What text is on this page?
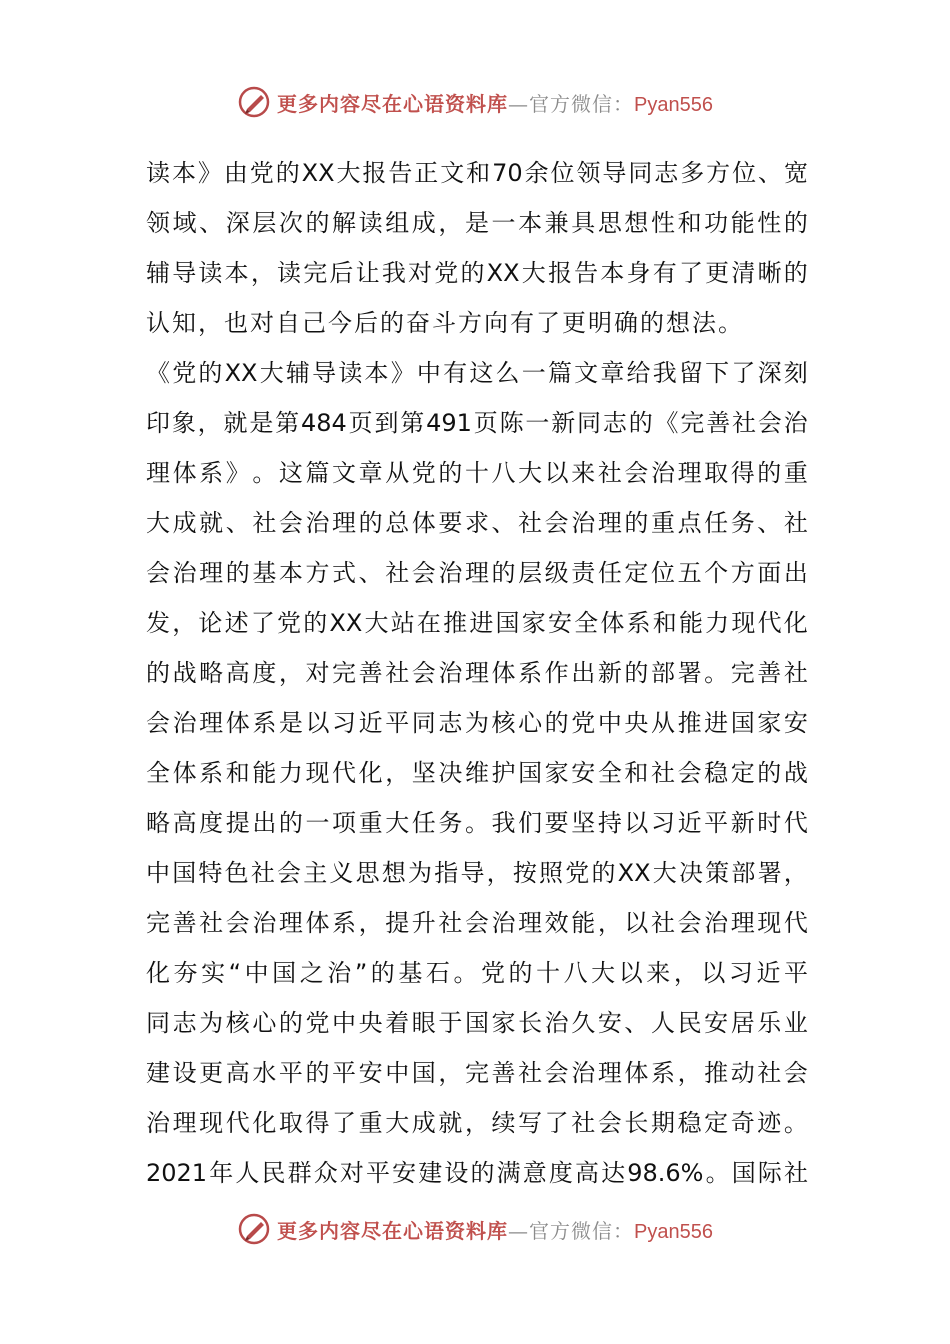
更多内容尽在心语资料库—官方微信：Pyan556
读 本 》 由 党 的 XX 大 报 告 正 文 和 70 余 位 领 导 同 志 多 方 位 、 宽
领 域 、 深 层 次 的 解 读 组 成 ， 是 一 本 兼 具 思 想 性 和 功 能 性 的
辅 导 读 本 ， 读 完 后 让 我 对 党 的 XX 大 报 告 本 身 有 了 更 清 晰 的
认知，也对自己今后的奋斗方向有了更明确的想法。
《 党 的 XX 大 辅 导 读 本 》 中 有 这 么 一 篇 文 章 给 我 留 下 了 深 刻
印 象 ， 就 是 第 484 页 到 第 491 页 陈 一 新 同 志 的 《 完 善 社 会 治
理 体 系 》 。 这 篇 文 章 从 党 的 十 八 大 以 来 社 会 治 理 取 得 的 重
大 成 就 、 社 会 治 理 的 总 体 要 求 、 社 会 治 理 的 重 点 任 务 、 社
会 治 理 的 基 本 方 式 、 社 会 治 理 的 层 级 责 任 定 位 五 个 方 面 出
发 ， 论 述 了 党 的 XX 大 站 在 推 进 国 家 安 全 体 系 和 能 力 现 代 化
的 战 略 高 度 ， 对 完 善 社 会 治 理 体 系 作 出 新 的 部 署 。 完 善 社
会 治 理 体 系 是 以 习 近 平 同 志 为 核 心 的 党 中 央 从 推 进 国 家 安
全 体 系 和 能 力 现 代 化 ， 坚 决 维 护 国 家 安 全 和 社 会 稳 定 的 战
略 高 度 提 出 的 一 项 重 大 任 务 。 我 们 要 坚 持 以 习 近 平 新 时 代
中 国 特 色 社 会 主 义 思 想 为 指 导 ， 按 照 党 的 XX 大 决 策 部 署 ，
完 善 社 会 治 理 体 系 ， 提 升 社 会 治 理 效 能 ， 以 社 会 治 理 现 代
化 夯 实 “ 中 国 之 治 ” 的 基 石 。 党 的 十 八 大 以 来 ， 以 习 近 平
同 志 为 核 心 的 党 中 央 着 眼 于 国 家 长 治 久 安 、 人 民 安 居 乐 业
建 设 更 高 水 平 的 平 安 中 国 ， 完 善 社 会 治 理 体 系 ， 推 动 社 会
治 理 现 代 化 取 得 了 重 大 成 就 ， 续 写 了 社 会 长 期 稳 定 奇 迹 。
2021 年 人 民 群 众 对 平 安 建 设 的 满 意 度 高 达 98.6% 。 国 际 社
更多内容尽在心语资料库—官方微信：Pyan556
